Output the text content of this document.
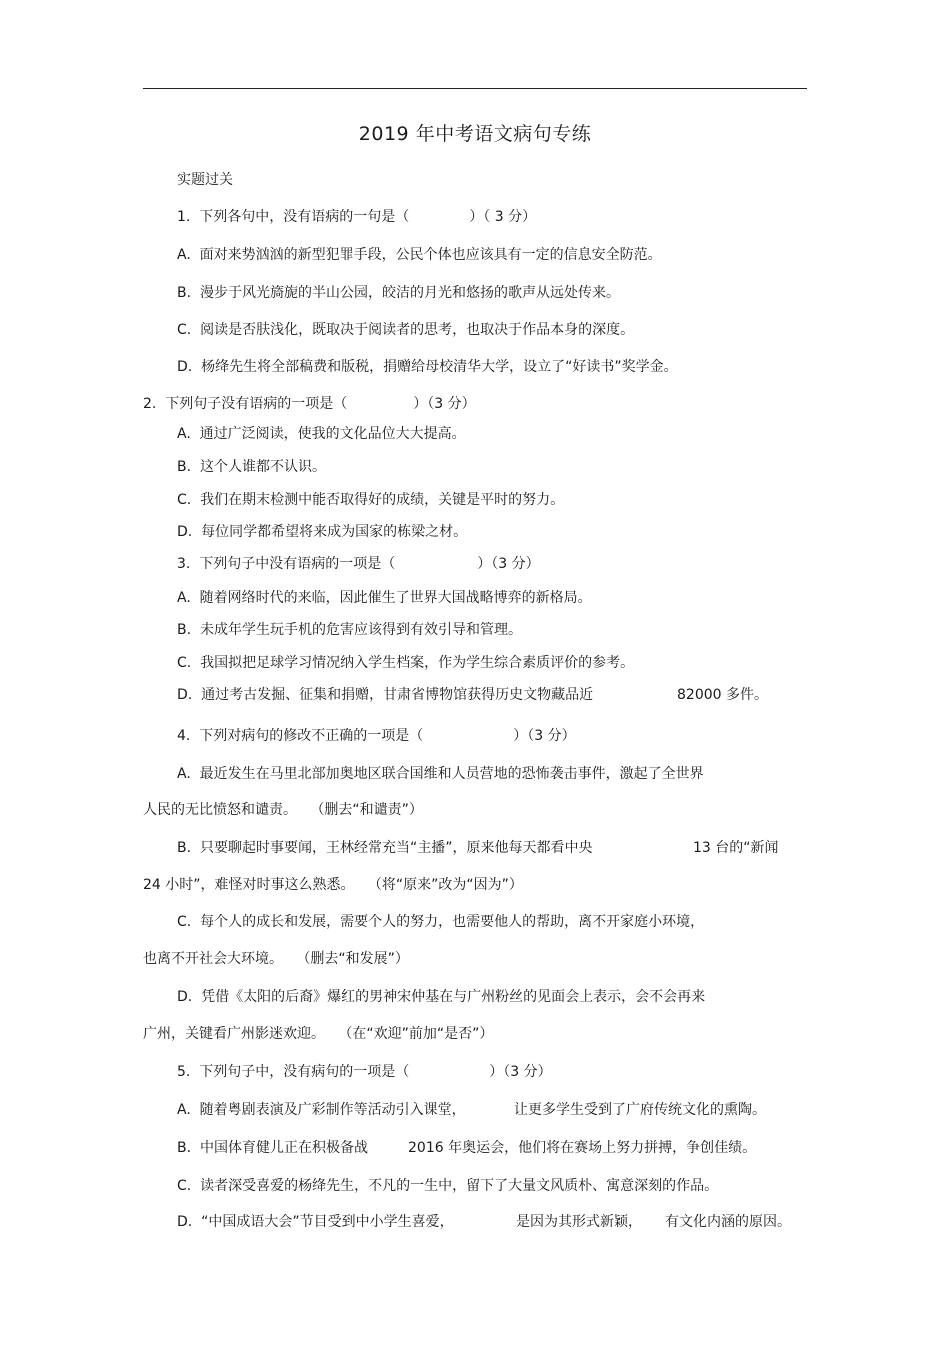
2019 年中考语文病句专练
实题过关
1.  下列各句中，没有语病的一句是（	）（ 3 分）
A.  面对来势汹汹的新型犯罪手段，公民个体也应该具有一定的信息安全防范。
B.  漫步于风光旖旎的半山公园，皎洁的月光和悠扬的歌声从远处传来。
C.  阅读是否肤浅化，既取决于阅读者的思考，也取决于作品本身的深度。
D.  杨绛先生将全部稿费和版税，捐赠给母校清华大学，设立了“好读书”奖学金。
2.  下列句子没有语病的一项是（	）（3 分）
A.  通过广泛阅读，使我的文化品位大大提高。
B.  这个人谁都不认识。
C.  我们在期末检测中能否取得好的成绩，关键是平时的努力。
D.  每位同学都希望将来成为国家的栋梁之材。
3.  下列句子中没有语病的一项是（	）（3 分）
A.  随着网络时代的来临，因此催生了世界大国战略博弈的新格局。
B.  未成年学生玩手机的危害应该得到有效引导和管理。
C.  我国拟把足球学习情况纳入学生档案，作为学生综合素质评价的参考。
D.  通过考古发掘、征集和捐赠，甘肃省博物馆获得历史文物藏品近	82000 多件。
4.  下列对病句的修改不正确的一项是（	）（3 分）
A.  最近发生在马里北部加奥地区联合国维和人员营地的恐怖袭击事件，激起了全世界
人民的无比愤怒和谴责。   （删去“和谴责”）
B.  只要聊起时事要闻，王林经常充当“主播”，原来他每天都看中央	13 台的“新闻
24 小时”，难怪对时事这么熟悉。   （将“原来”改为“因为”）
C.  每个人的成长和发展，需要个人的努力，也需要他人的帮助，离不开家庭小环境，
也离不开社会大环境。   （删去“和发展”）
D.  凭借《太阳的后裔》爆红的男神宋仲基在与广州粉丝的见面会上表示，会不会再来
广州，关键看广州影迷欢迎。   （在“欢迎”前加“是否”）
5.  下列句子中，没有病句的一项是（	）（3 分）
A.  随着粤剧表演及广彩制作等活动引入课堂，	让更多学生受到了广府传统文化的熏陶。
B.  中国体育健儿正在积极备战	2016 年奥运会，他们将在赛场上努力拼搏，争创佳绩。
C.  读者深受喜爱的杨绛先生，不凡的一生中，留下了大量文风质朴、寓意深刻的作品。
D.  “中国成语大会”节目受到中小学生喜爱，	是因为其形式新颖， 有文化内涵的原因。
